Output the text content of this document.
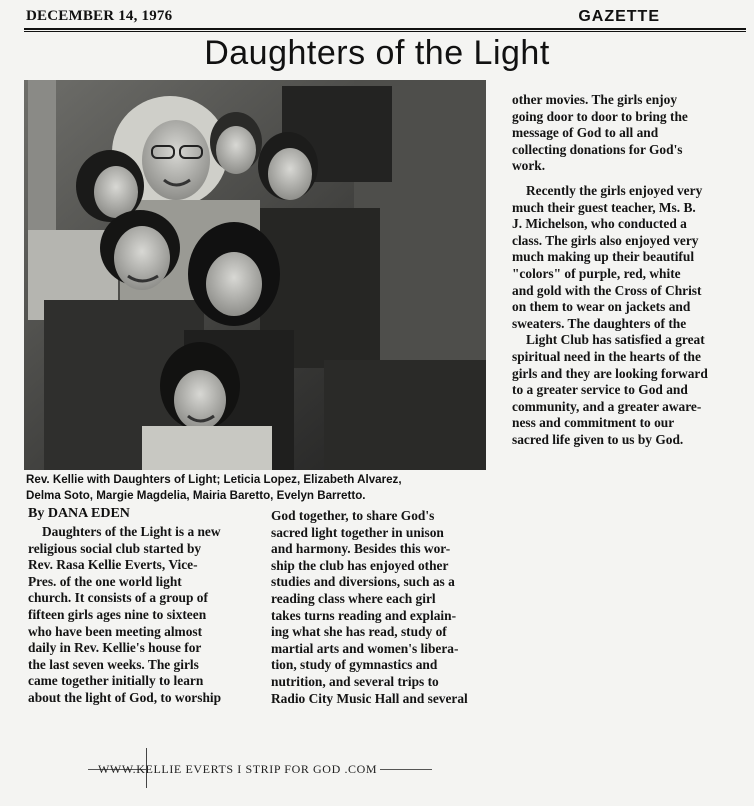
DECEMBER 14, 1976	GAZETTE
Daughters of the Light
Rev. Kellie with Daughters of Light; Leticia Lopez, Elizabeth Alvarez,
Delma Soto, Margie Magdelia, Mairia Baretto, Evelyn Barretto.
By DANA EDEN
Daughters of the Light is a new
religious social club started by
Rev. Rasa Kellie Everts, Vice-
Pres. of the one world light
church. It consists of a group of
fifteen girls ages nine to sixteen
who have been meeting almost
daily in Rev. Kellie's house for
the last seven weeks. The girls
came together initially to learn
about the light of God, to worship
God together, to share God's
sacred light together in unison
and harmony. Besides this wor-
ship the club has enjoyed other
studies and diversions, such as a
reading class where each girl
takes turns reading and explain-
ing what she has read, study of
martial arts and women's libera-
tion, study of gymnastics and
nutrition, and several trips to
Radio City Music Hall and several
other movies. The girls enjoy
going door to door to bring the
message of God to all and
collecting donations for God's
work.
Recently the girls enjoyed very
much their guest teacher, Ms. B.
J. Michelson, who conducted a
class. The girls also enjoyed very
much making up their beautiful
"colors" of purple, red, white
and gold with the Cross of Christ
on them to wear on jackets and
sweaters. The daughters of the
Light Club has satisfied a great
spiritual need in the hearts of the
girls and they are looking forward
to a greater service to God and
community, and a greater aware-
ness and commitment to our
sacred life given to us by God.
WWW.KELLIE EVERTS I STRIP FOR GOD .COM
